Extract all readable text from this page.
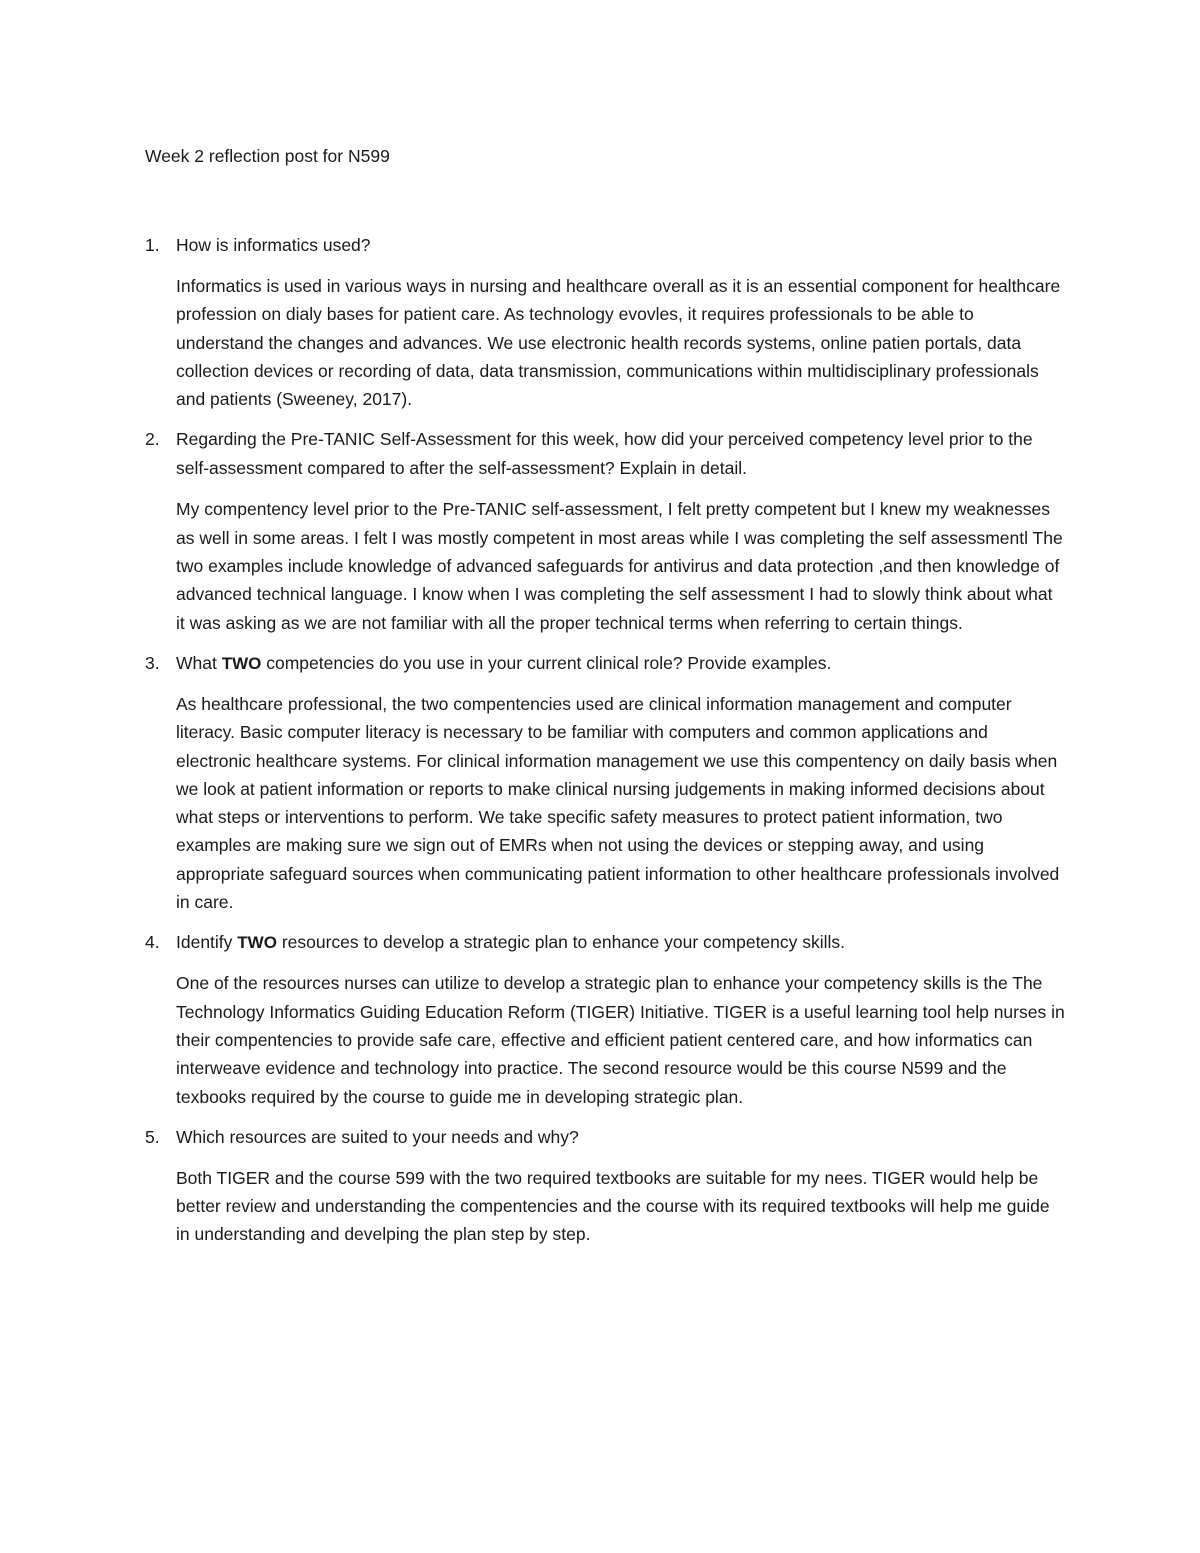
Week 2 reflection post for N599
1. How is informatics used?

Informatics is used in various ways in nursing and healthcare overall as it is an essential component for healthcare profession on dialy bases for patient care. As technology evovles, it requires professionals to be able to understand the changes and advances. We use electronic health records systems, online patien portals, data collection devices or recording of data, data transmission, communications within multidisciplinary professionals and patients (Sweeney, 2017).

2. Regarding the Pre-TANIC Self-Assessment for this week, how did your perceived competency level prior to the self-assessment compared to after the self-assessment? Explain in detail.

My compentency level prior to the Pre-TANIC self-assessment, I felt pretty competent but I knew my weaknesses as well in some areas. I felt I was mostly competent in most areas while I was completing the self assessmentl The two examples include knowledge of advanced safeguards for antivirus and data protection ,and then knowledge of advanced technical language. I know when I was completing the self assessment I had to slowly think about what it was asking as we are not familiar with all the proper technical terms when referring to certain things.

3. What TWO competencies do you use in your current clinical role? Provide examples.

As healthcare professional, the two compentencies used are clinical information management and computer literacy. Basic computer literacy is necessary to be familiar with computers and common applications and electronic healthcare systems. For clinical information management we use this compentency on daily basis when we look at patient information or reports to make clinical nursing judgements in making informed decisions about what steps or interventions to perform. We take specific safety measures to protect patient information, two examples are making sure we sign out of EMRs when not using the devices or stepping away, and using appropriate safeguard sources when communicating patient information to other healthcare professionals involved in care.

4. Identify TWO resources to develop a strategic plan to enhance your competency skills.

One of the resources nurses can utilize to develop a strategic plan to enhance your competency skills is the The Technology Informatics Guiding Education Reform (TIGER) Initiative. TIGER is a useful learning tool help nurses in their compentencies to provide safe care, effective and efficient patient centered care, and how informatics can interweave evidence and technology into practice. The second resource would be this course N599 and the texbooks required by the course to guide me in developing strategic plan.

5. Which resources are suited to your needs and why?

Both TIGER and the course 599 with the two required textbooks are suitable for my nees. TIGER would help be better review and understanding the compentencies and the course with its required textbooks will help me guide in understanding and develping the plan step by step.
